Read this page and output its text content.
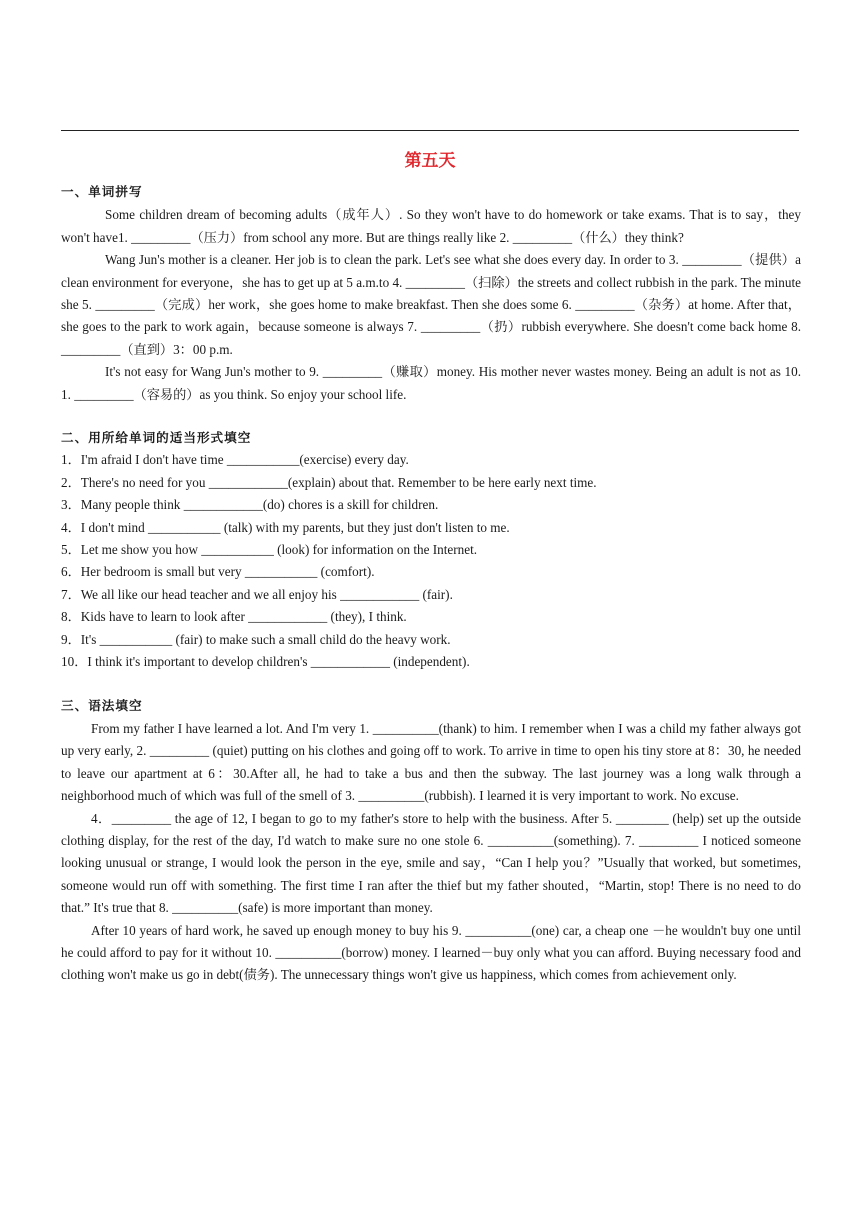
第五天
一、单词拼写

Some children dream of becoming adults（成年人）. So they won't have to do homework or take exams. That is to say，they won't have1. _________（压力）from school any more. But are things really like 2. _________（什么）they think?

Wang Jun's mother is a cleaner. Her job is to clean the park. Let's see what she does every day. In order to 3. _________（提供）a clean environment for everyone，she has to get up at 5 a.m.to 4. _________（扫除）the streets and collect rubbish in the park. The minute she 5. _________（完成）her work，she goes home to make breakfast. Then she does some 6. _________（杂务）at home. After that，she goes to the park to work again，because someone is always 7. _________（扔）rubbish everywhere. She doesn't come back home 8. _________（直到）3：00 p.m.

It's not easy for Wang Jun's mother to 9. _________（赚取）money. His mother never wastes money. Being an adult is not as 10. 1. _________（容易的）as you think. So enjoy your school life.

二、用所给单词的适当形式填空
1．I'm afraid I don't have time ___________(exercise) every day.
2．There's no need for you ____________(explain) about that. Remember to be here early next time.
3．Many people think ____________(do) chores is a skill for children.
4．I don't mind ___________ (talk) with my parents, but they just don't listen to me.
5．Let me show you how ___________ (look) for information on the Internet.
6．Her bedroom is small but very ___________ (comfort).
7．We all like our head teacher and we all enjoy his ____________ (fair).
8．Kids have to learn to look after ____________ (they), I think.
9．It's ___________ (fair) to make such a small child do the heavy work.
10．I think it's important to develop children's ____________ (independent).
三、语法填空

From my father I have learned a lot. And I'm very 1. __________(thank) to him. I remember when I was a child my father always got up very early, 2. _________ (quiet) putting on his clothes and going off to work. To arrive in time to open his tiny store at 8：30, he needed to leave our apartment at 6：30.After all, he had to take a bus and then the subway. The last journey was a long walk through a neighborhood much of which was full of the smell of 3. __________(rubbish). I learned it is very important to work. No excuse.

4．_________ the age of 12, I began to go to my father's store to help with the business. After 5. ________ (help) set up the outside clothing display, for the rest of the day, I'd watch to make sure no one stole 6. __________(something). 7. _________ I noticed someone looking unusual or strange, I would look the person in the eye, smile and say，“Can I help you？”Usually that worked, but sometimes, someone would run off with something. The first time I ran after the thief but my father shouted，“Martin, stop! There is no need to do that.” It's true that 8. __________(safe) is more important than money.

After 10 years of hard work, he saved up enough money to buy his 9. __________(one) car, a cheap one －he wouldn't buy one until he could afford to pay for it without 10. __________(borrow) money. I learned－buy only what you can afford. Buying necessary food and clothing won't make us go in debt(债务). The unnecessary things won't give us happiness, which comes from achievement only.
